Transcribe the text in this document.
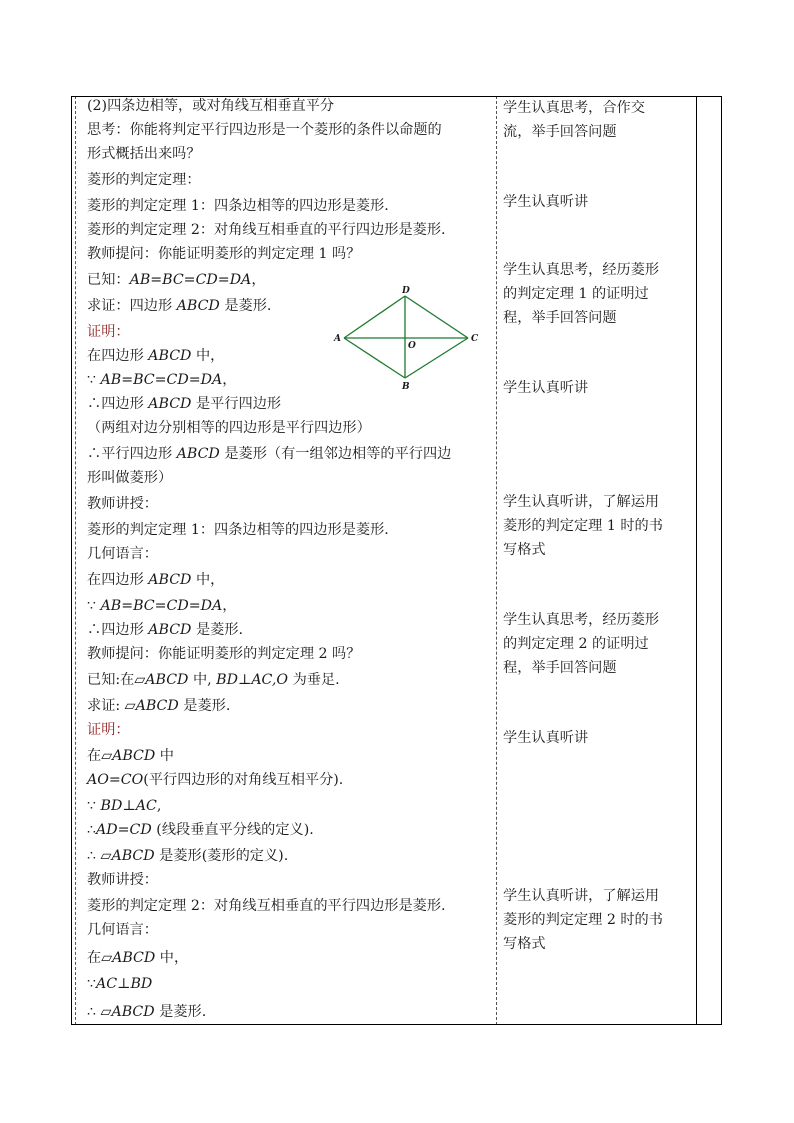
(2)四条边相等，或对角线互相垂直平分
思考：你能将判定平行四边形是一个菱形的条件以命题的
形式概括出来吗？
菱形的判定定理：
菱形的判定定理 1：四条边相等的四边形是菱形.
菱形的判定定理 2：对角线互相垂直的平行四边形是菱形.
教师提问：你能证明菱形的判定定理 1 吗？
已知：AB=BC=CD=DA，
求证：四边形 ABCD 是菱形.
证明：
在四边形 ABCD 中，
∵ AB=BC=CD=DA，
∴四边形 ABCD 是平行四边形
（两组对边分别相等的四边形是平行四边形）
∴平行四边形 ABCD 是菱形（有一组邻边相等的平行四边
形叫做菱形）
教师讲授：
菱形的判定定理 1：四条边相等的四边形是菱形.
几何语言：
在四边形 ABCD 中，
∵ AB=BC=CD=DA，
∴四边形 ABCD 是菱形.
教师提问：你能证明菱形的判定定理 2 吗？
已知:在▱ABCD 中, BD⊥AC,O 为垂足.
求证: ▱ABCD 是菱形.
证明：
在▱ABCD 中
AO=CO(平行四边形的对角线互相平分).
∵ BD⊥AC,
∴AD=CD (线段垂直平分线的定义).
∴ ▱ABCD 是菱形(菱形的定义).
教师讲授：
菱形的判定定理 2：对角线互相垂直的平行四边形是菱形.
几何语言：
在▱ABCD 中，
∵AC⊥BD
∴ ▱ABCD 是菱形.
学生认真思考，合作交
流，举手回答问题
学生认真听讲
学生认真思考，经历菱形
的判定定理 1 的证明过
程，举手回答问题
学生认真听讲
学生认真听讲，了解运用
菱形的判定定理 1 时的书
写格式
学生认真思考，经历菱形
的判定定理 2 的证明过
程，举手回答问题
学生认真听讲
学生认真听讲，了解运用
菱形的判定定理 2 时的书
写格式
D
A	C
O
B
